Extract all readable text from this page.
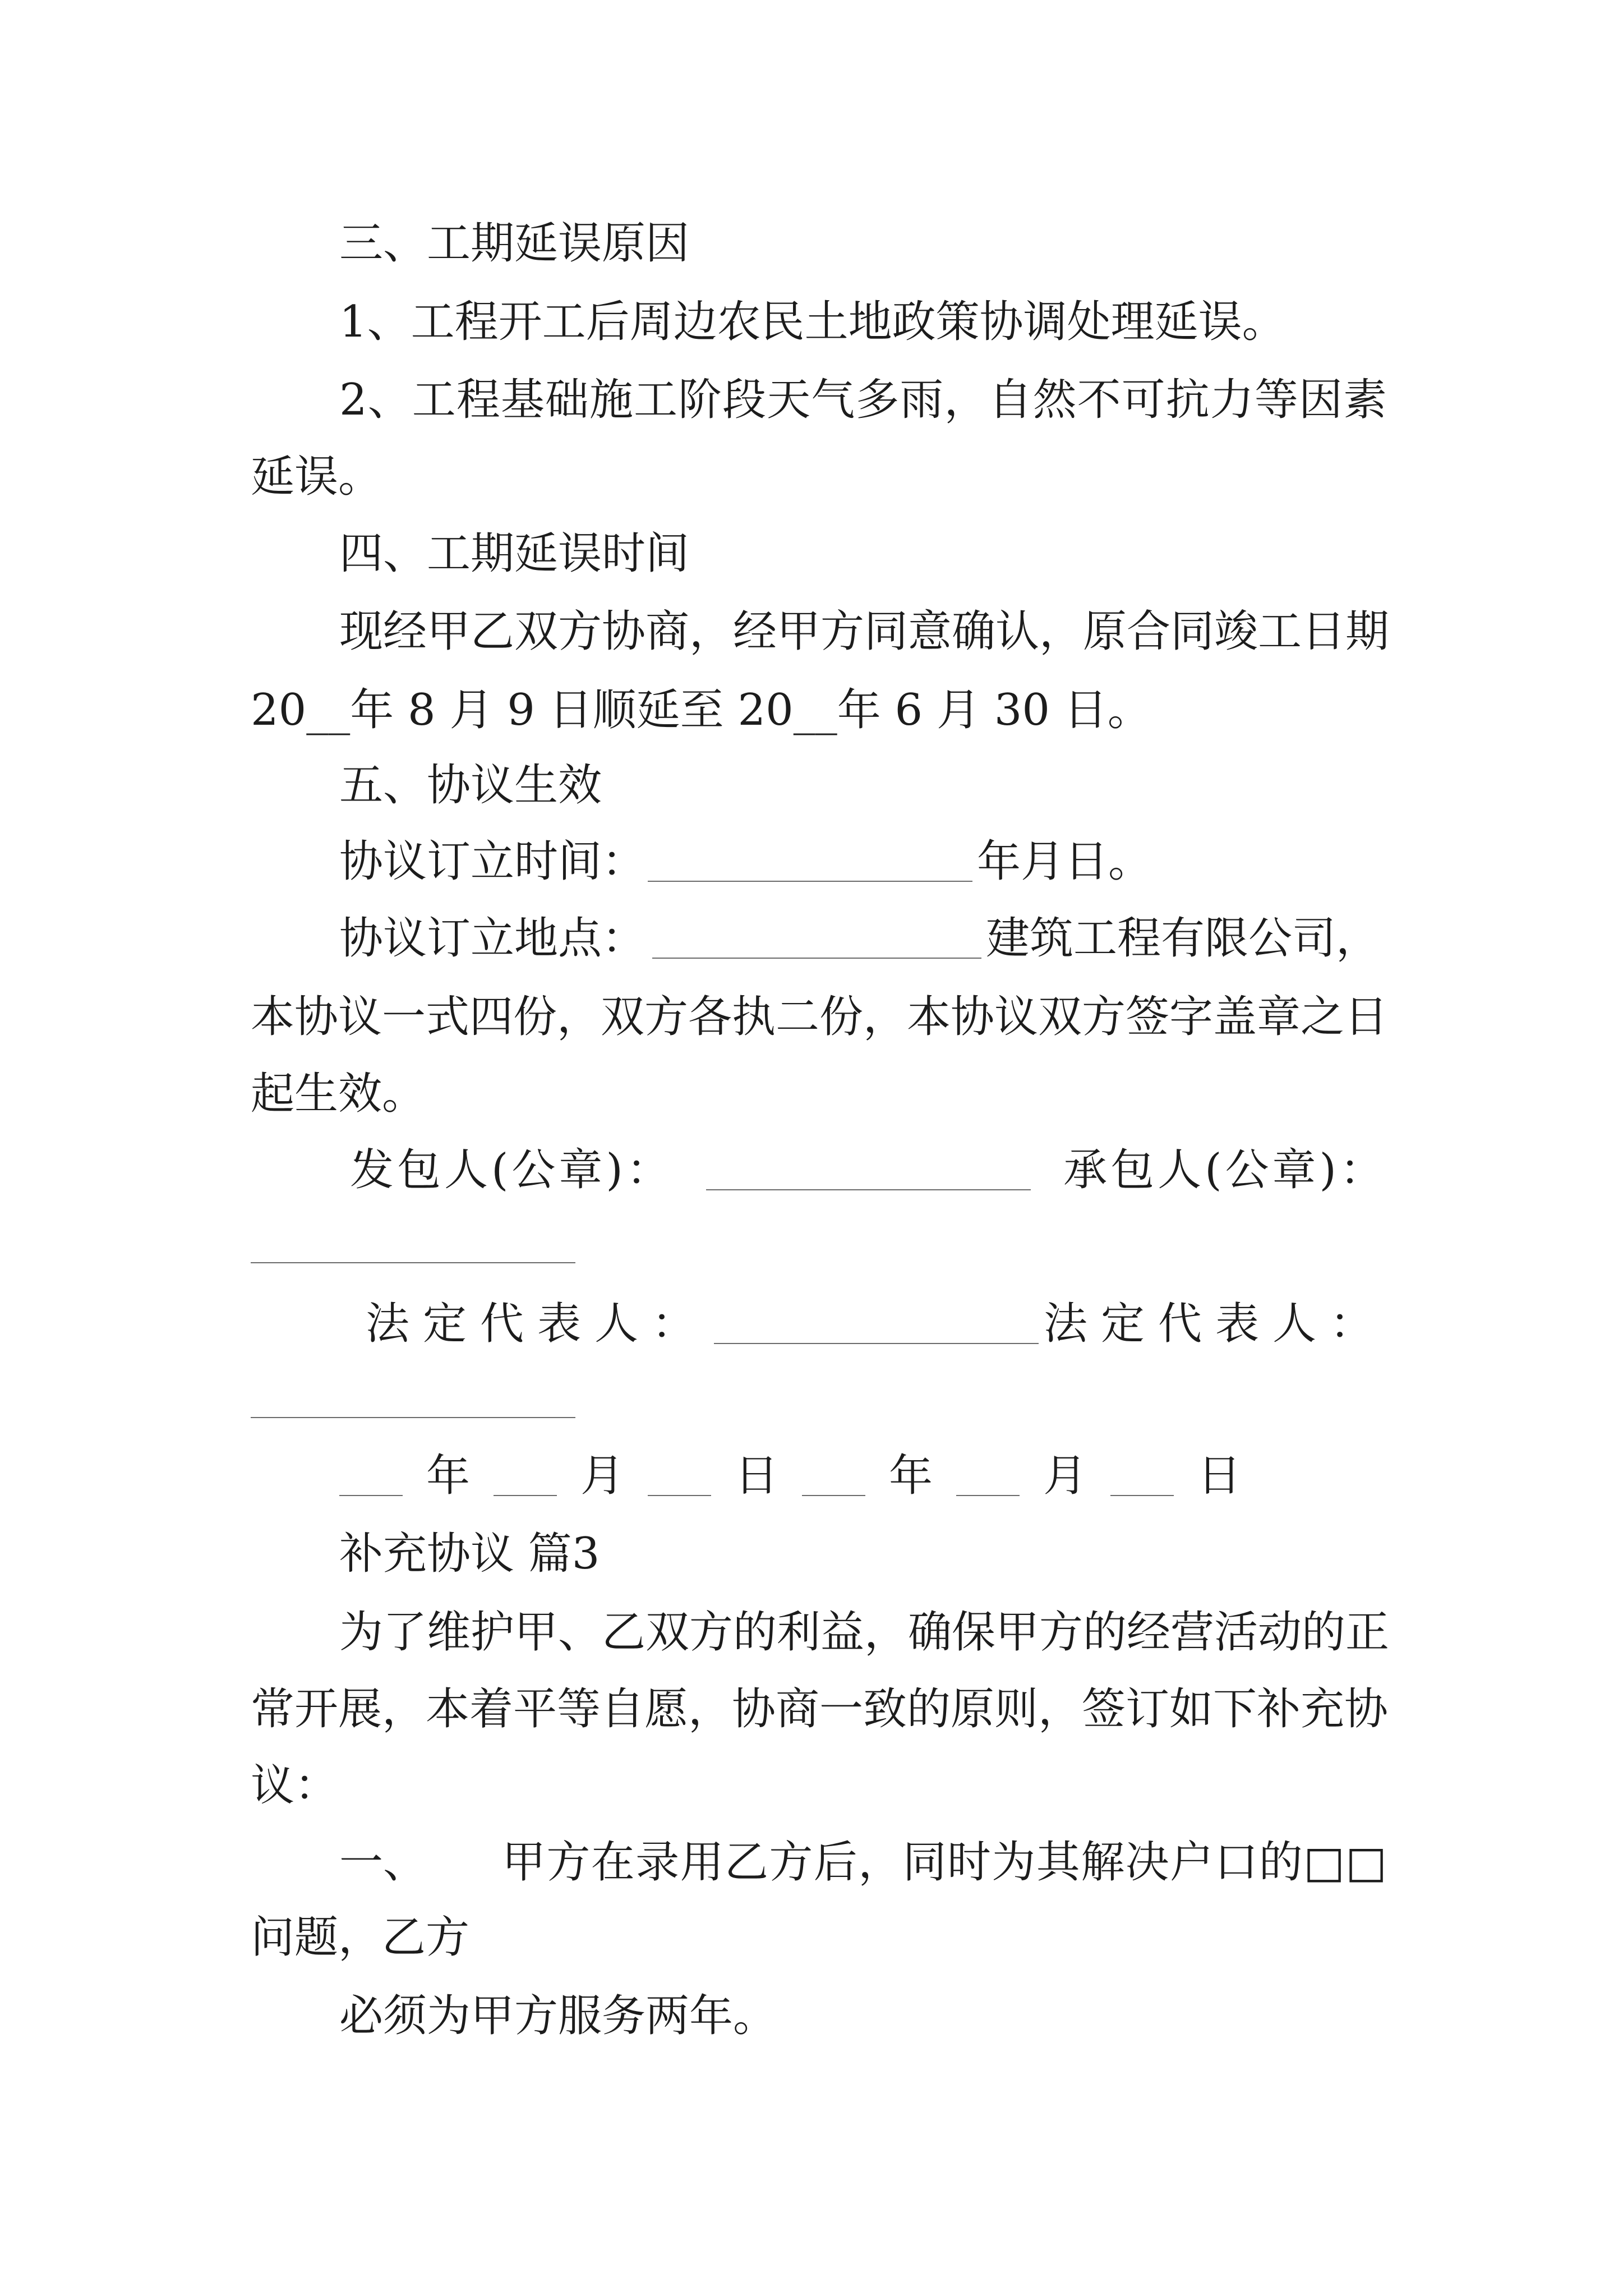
三、工期延误原因
1、工程开工后周边农民土地政策协调处理延误。
2、工程基础施工阶段天气多雨，自然不可抗力等因素
延误。
四、工期延误时间
现经甲乙双方协商，经甲方同意确认，原合同竣工日期
20__年 8 月 9 日顺延至 20__年 6 月 30 日。
五、协议生效
协议订立时间：	年月日。
协议订立地点：	建筑工程有限公司，
本协议一式四份，双方各执二份，本协议双方签字盖章之日
起生效。
发包人(公章)：	承包人(公章)：
法定代表人：	法定代表人：
年	月	日	年	月	日
补充协议 篇3
为了维护甲、乙双方的利益，确保甲方的经营活动的正
常开展，本着平等自愿，协商一致的原则，签订如下补充协
议：
一、 甲方在录用乙方后，同时为其解决户口的□□
问题，乙方
必须为甲方服务两年。
